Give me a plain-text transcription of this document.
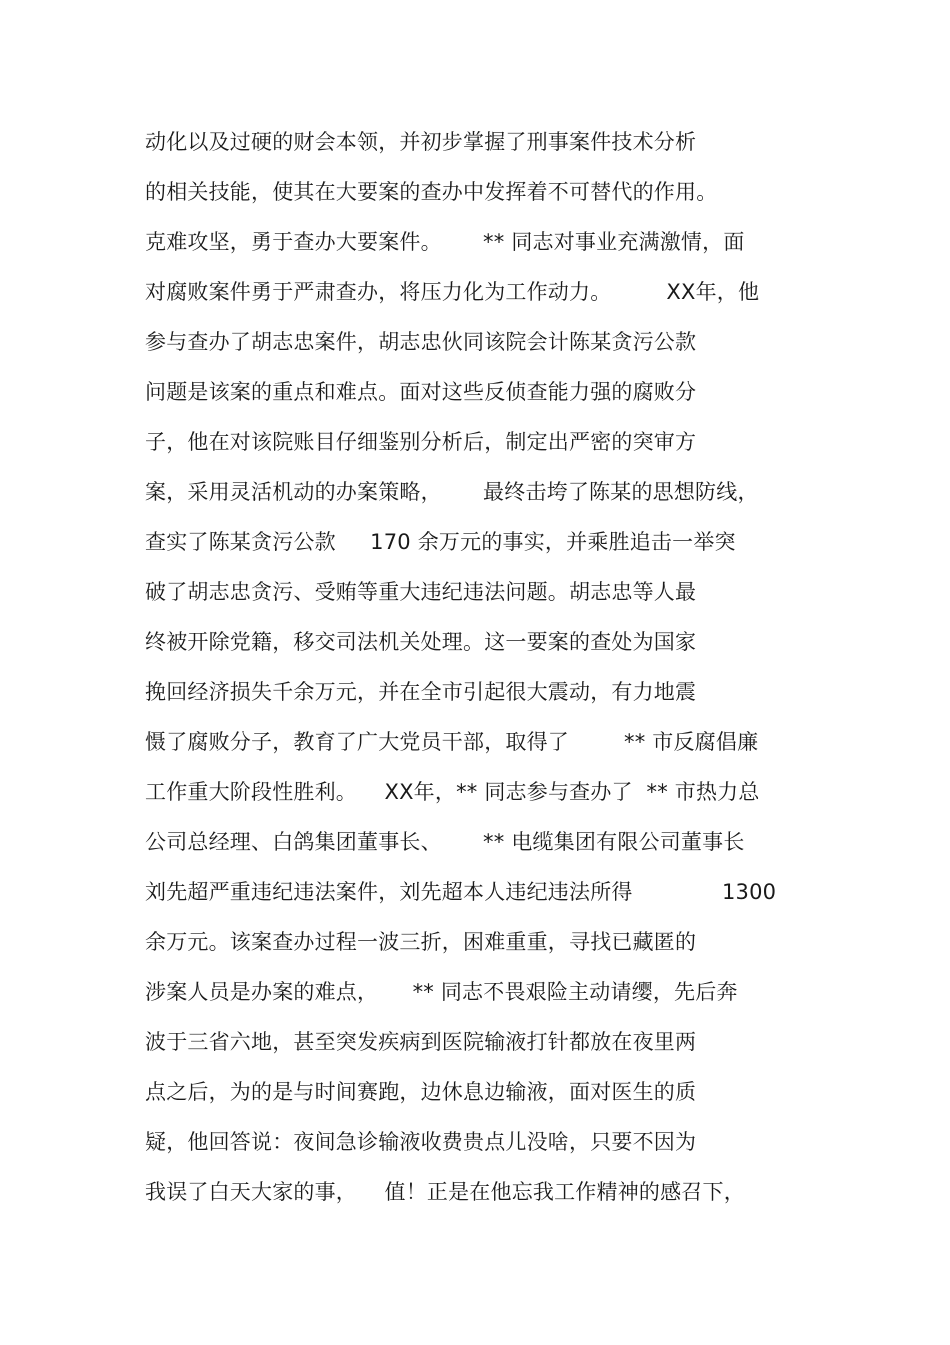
动化以及过硬的财会本领，并初步掌握了刑事案件技术分析
的相关技能，使其在大要案的查办中发挥着不可替代的作用。
克难攻坚，勇于查办大要案件。      ** 同志对事业充满激情，面
对腐败案件勇于严肃查办，将压力化为工作动力。        XX年，他
参与查办了胡志忠案件，胡志忠伙同该院会计陈某贪污公款
问题是该案的重点和难点。面对这些反侦查能力强的腐败分
子，他在对该院账目仔细鉴别分析后，制定出严密的突审方
案，采用灵活机动的办案策略，      最终击垮了陈某的思想防线，
查实了陈某贪污公款     170 余万元的事实，并乘胜追击一举突
破了胡志忠贪污、受贿等重大违纪违法问题。胡志忠等人最
终被开除党籍，移交司法机关处理。这一要案的查处为国家
挽回经济损失千余万元，并在全市引起很大震动，有力地震
慑了腐败分子，教育了广大党员干部，取得了        ** 市反腐倡廉
工作重大阶段性胜利。    XX年，** 同志参与查办了  ** 市热力总
公司总经理、白鸽集团董事长、      ** 电缆集团有限公司董事长
刘先超严重违纪违法案件，刘先超本人违纪违法所得             1300
余万元。该案查办过程一波三折，困难重重，寻找已藏匿的
涉案人员是办案的难点，     ** 同志不畏艰险主动请缨，先后奔
波于三省六地，甚至突发疾病到医院输液打针都放在夜里两
点之后，为的是与时间赛跑，边休息边输液，面对医生的质
疑，他回答说：夜间急诊输液收费贵点儿没啥，只要不因为
我误了白天大家的事，    值！正是在他忘我工作精神的感召下，
